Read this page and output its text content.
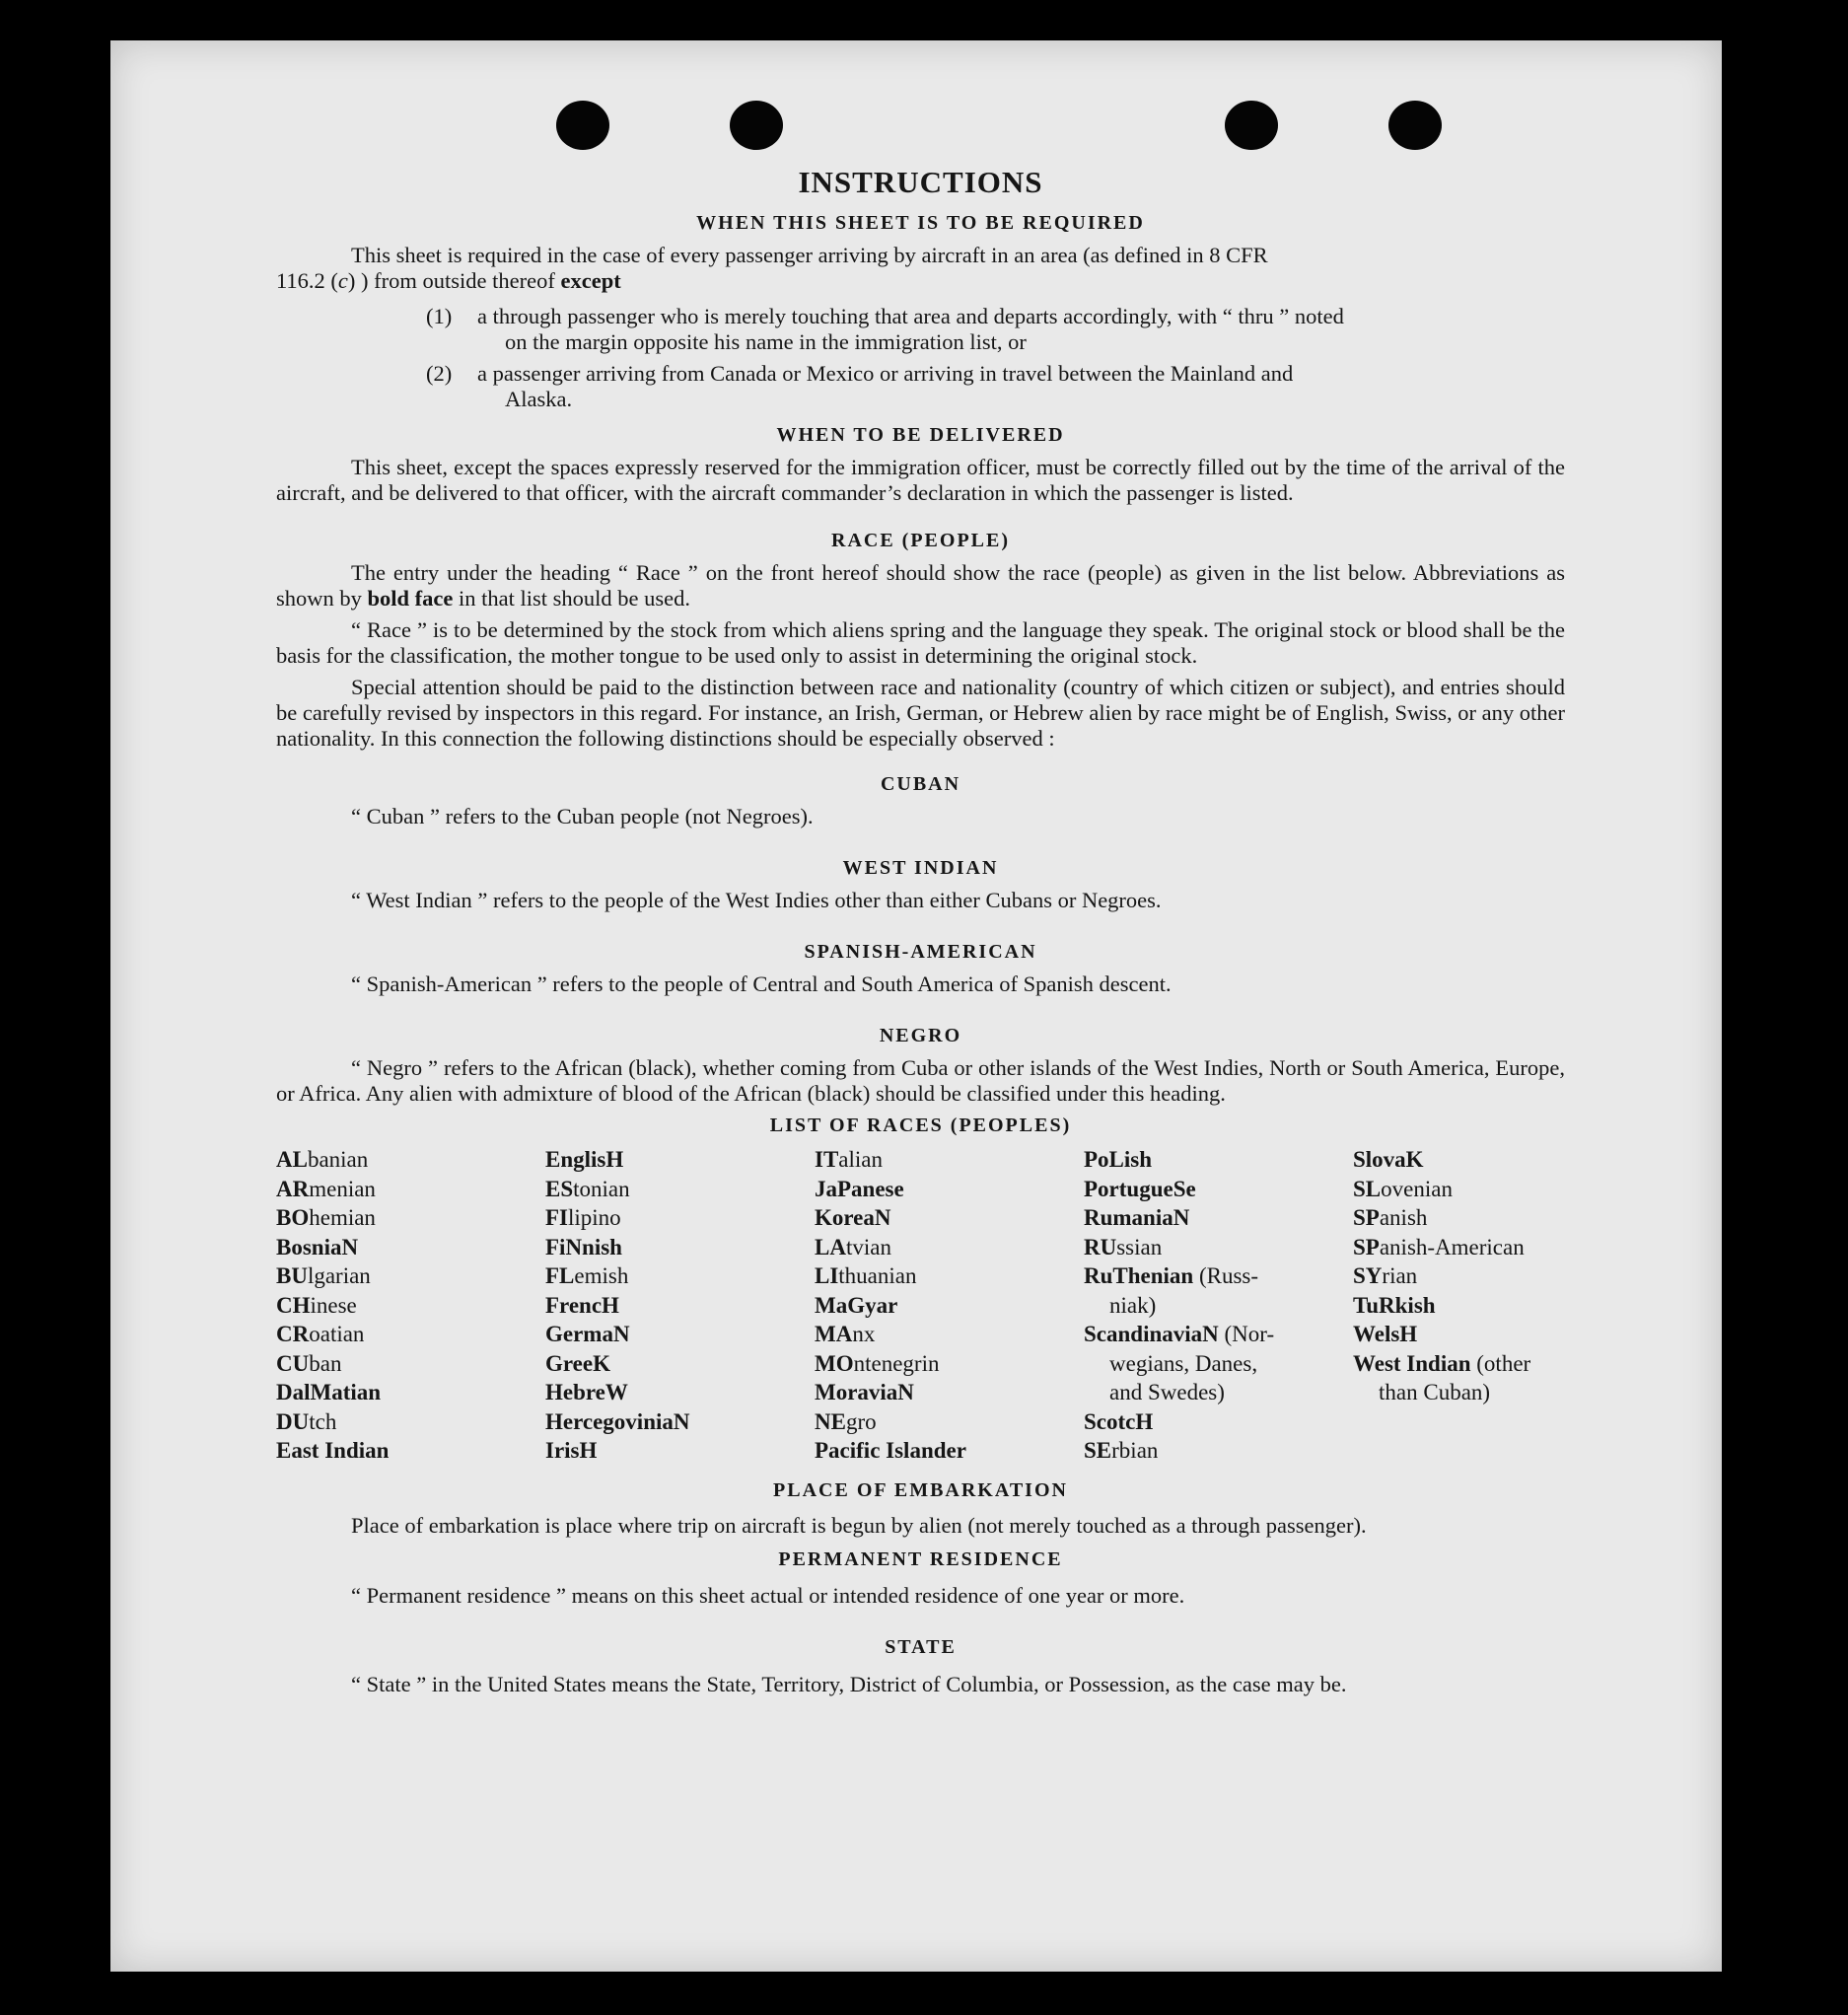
INSTRUCTIONS
WHEN THIS SHEET IS TO BE REQUIRED

This sheet is required in the case of every passenger arriving by aircraft in an area (as defined in 8 CFR
116.2 (c) ) from outside thereof except

(1)	a through passenger who is merely touching that area and departs accordingly, with “ thru ” noted
on the margin opposite his name in the immigration list, or
(2)	a passenger arriving from Canada or Mexico or arriving in travel between the Mainland and
Alaska.
WHEN TO BE DELIVERED

This sheet, except the spaces expressly reserved for the immigration officer, must be correctly filled out by the time of the arrival of the aircraft, and be delivered to that officer, with the aircraft commander’s declaration in which the passenger is listed.

RACE (PEOPLE)

The entry under the heading “ Race ” on the front hereof should show the race (people) as given in the list below. Abbreviations as shown by bold face in that list should be used.

“ Race ” is to be determined by the stock from which aliens spring and the language they speak. The original stock or blood shall be the basis for the classification, the mother tongue to be used only to assist in determining the original stock.

Special attention should be paid to the distinction between race and nationality (country of which citizen or subject), and entries should be carefully revised by inspectors in this regard. For instance, an Irish, German, or Hebrew alien by race might be of English, Swiss, or any other nationality. In this connection the following distinctions should be especially observed :

CUBAN

“ Cuban ” refers to the Cuban people (not Negroes).

WEST INDIAN

“ West Indian ” refers to the people of the West Indies other than either Cubans or Negroes.

SPANISH-AMERICAN

“ Spanish-American ” refers to the people of Central and South America of Spanish descent.

NEGRO

“ Negro ” refers to the African (black), whether coming from Cuba or other islands of the West Indies, North or South America, Europe, or Africa. Any alien with admixture of blood of the African (black) should be classified under this heading.

LIST OF RACES (PEOPLES)
ALbanian
ARmenian
BOhemian
BosniaN
BUlgarian
CHinese
CRoatian
CUban
DalMatian
DUtch
East Indian
EnglisH
EStonian
FIlipino
FiNnish
FLemish
FrencH
GermaN
GreeK
HebreW
HercegoviniaN
IrisH
ITalian
JaPanese
KoreaN
LAtvian
LIthuanian
MaGyar
MAnx
MOntenegrin
MoraviaN
NEgro
Pacific Islander
PoLish
PortugueSe
RumaniaN
RUssian
RuThenian (Russ-
niak)
ScandinaviaN (Nor-
wegians, Danes,
and Swedes)
ScotcH
SErbian
SlovaK
SLovenian
SPanish
SPanish-American
SYrian
TuRkish
WelsH
West Indian (other
than Cuban)
PLACE OF EMBARKATION

Place of embarkation is place where trip on aircraft is begun by alien (not merely touched as a through passenger).

PERMANENT RESIDENCE

“ Permanent residence ” means on this sheet actual or intended residence of one year or more.

STATE

“ State ” in the United States means the State, Territory, District of Columbia, or Possession, as the case may be.
